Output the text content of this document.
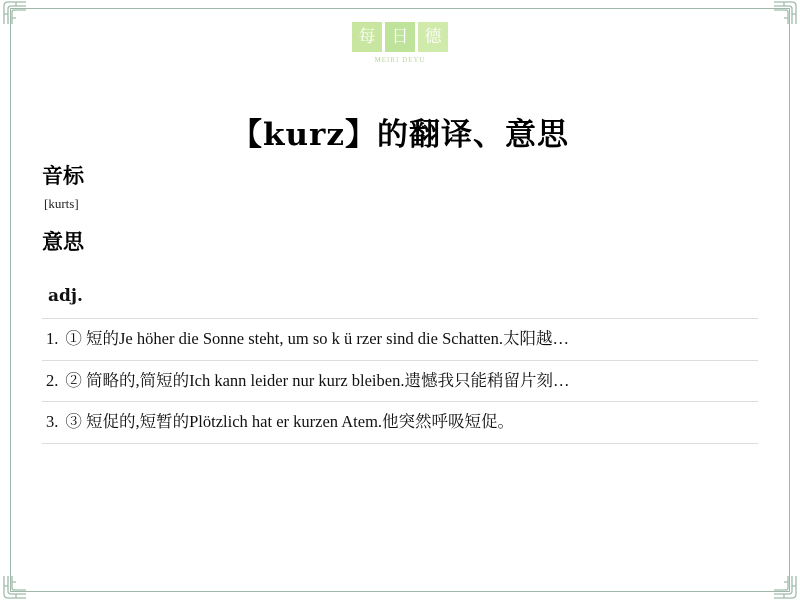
每 日 德
MEIRI DEYU
【kurz】的翻译、意思
音标
[kurts]
意思
adj.
1. ① 短的Je höher die Sonne steht, um so k ü rzer sind die Schatten.太阳越…
2. ② 简略的,简短的Ich kann leider nur kurz bleiben.遗憾我只能稍留片刻…
3. ③ 短促的,短暂的Plötzlich hat er kurzen Atem.他突然呼吸短促。
